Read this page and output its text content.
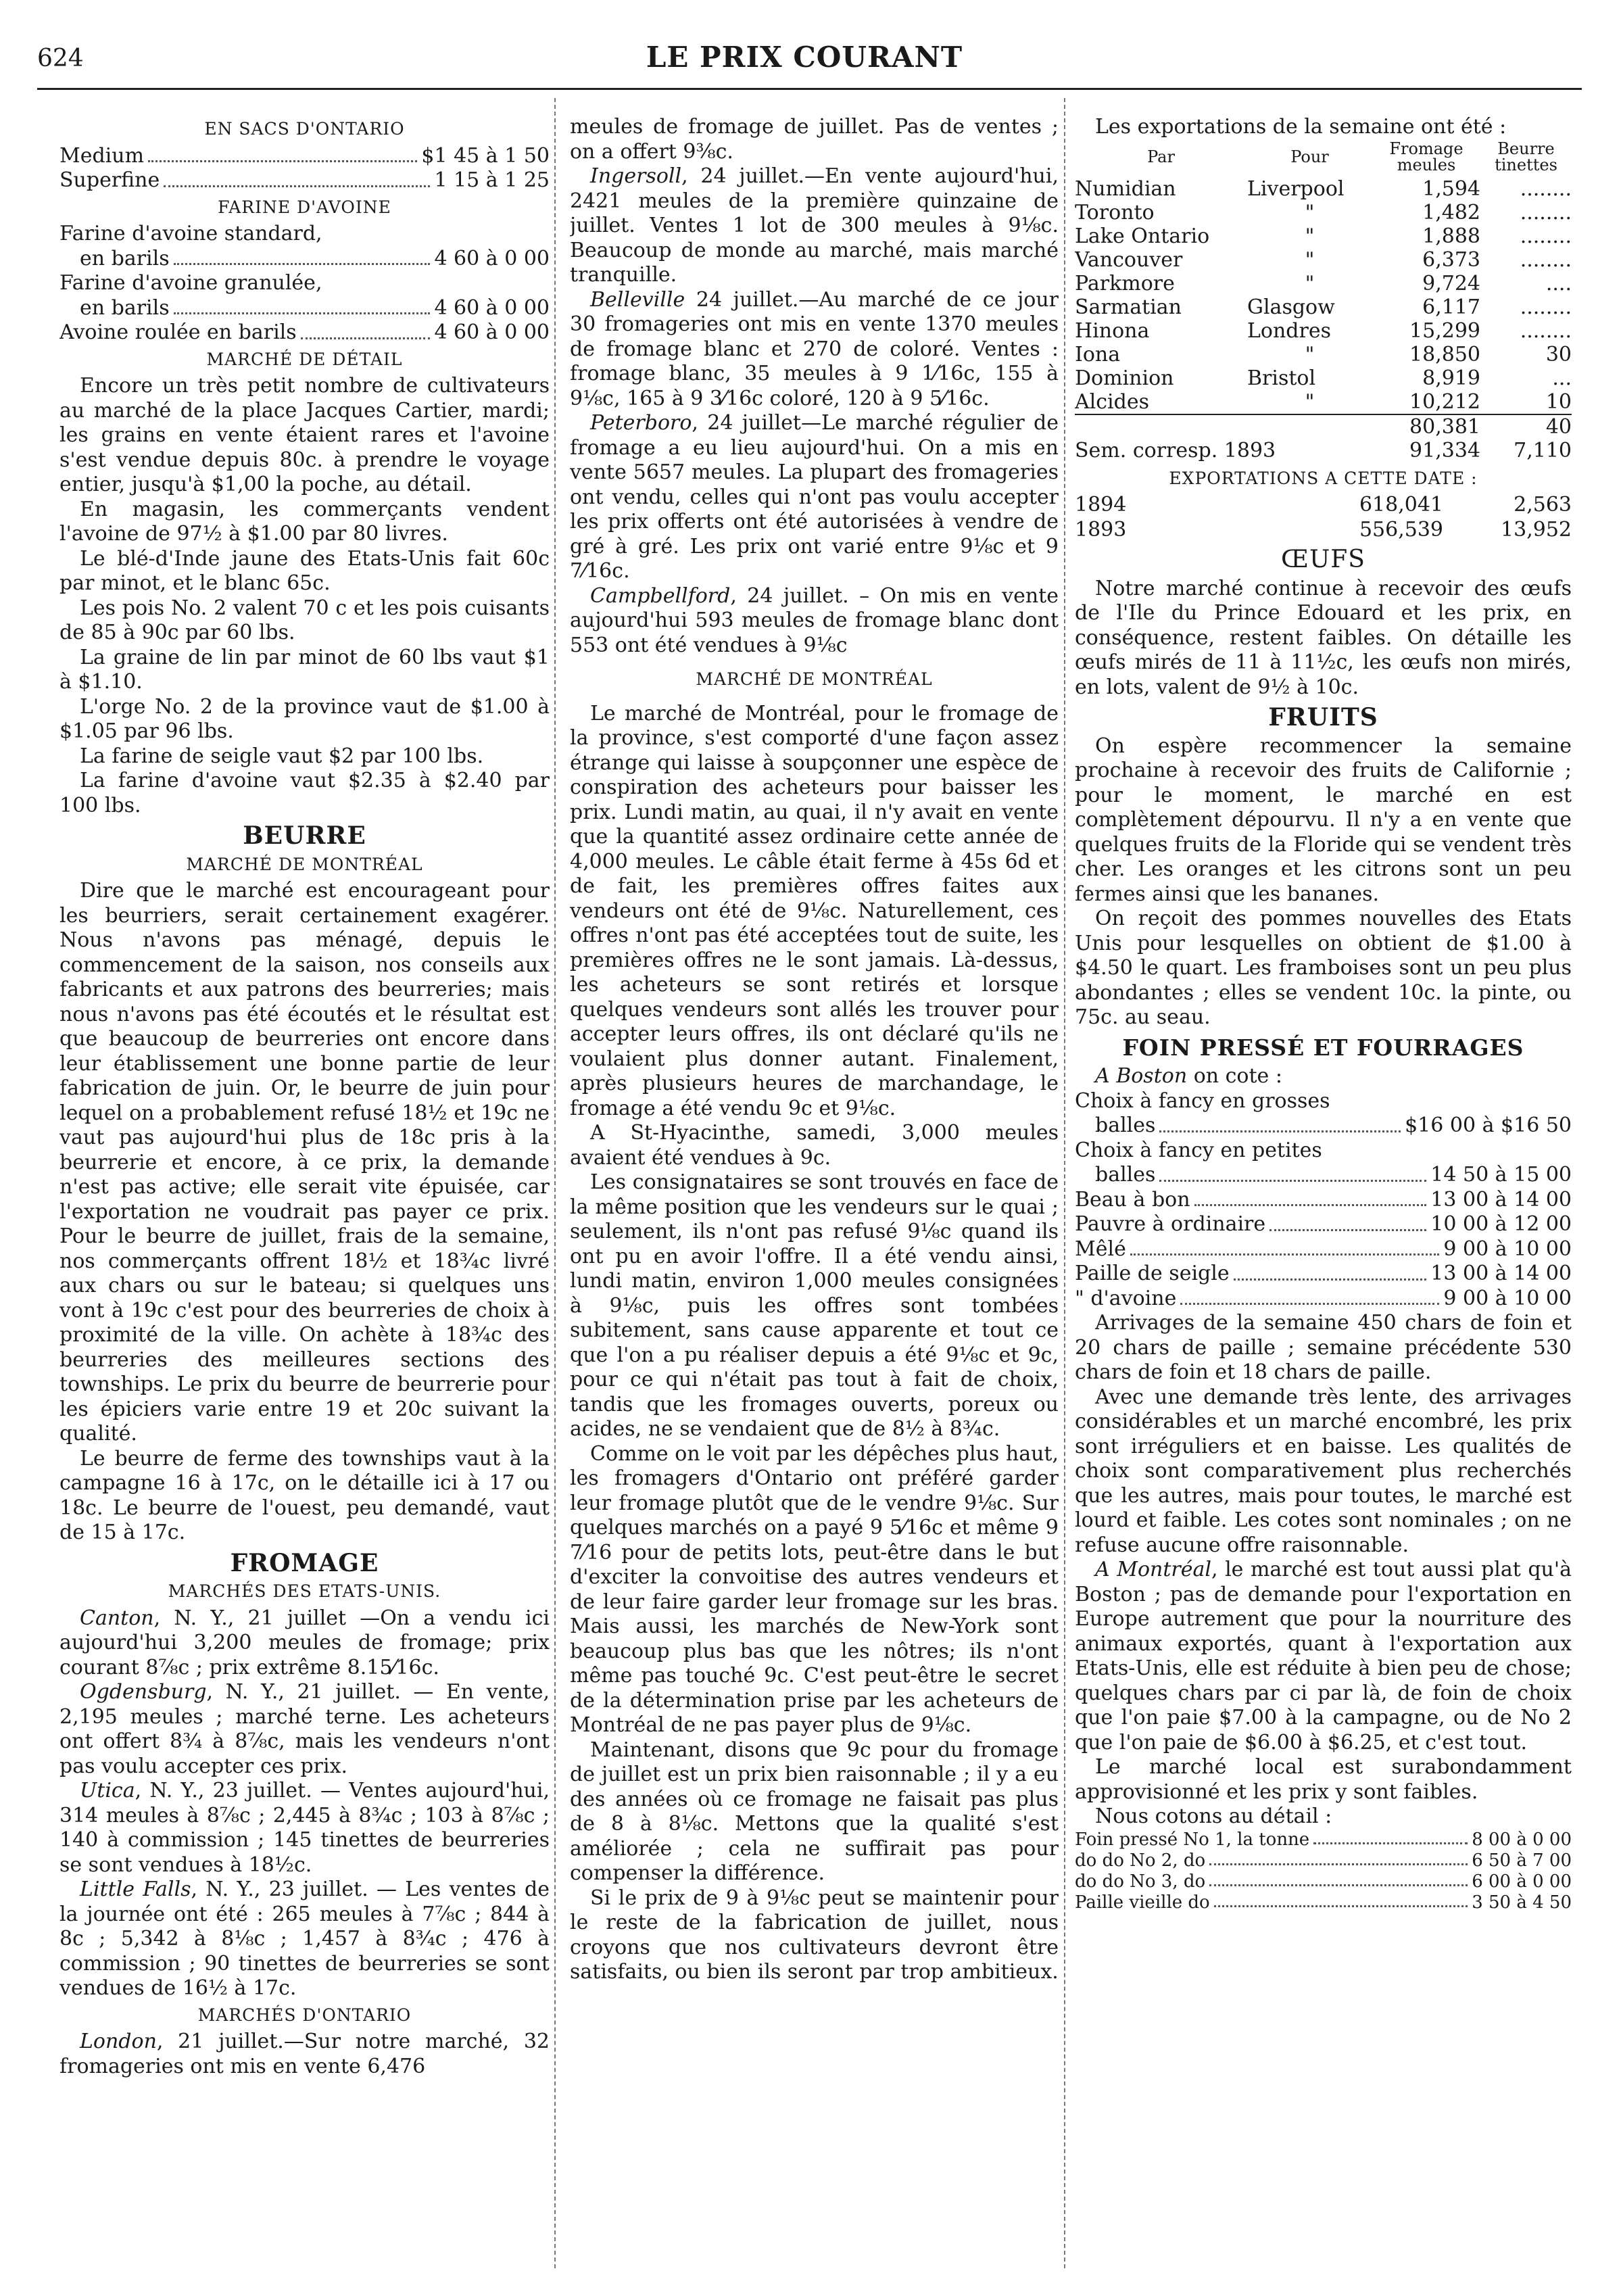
624	LE PRIX COURANT
EN SACS D'ONTARIO
Medium	$1 45 à 1 50
Superfine	1 15 à 1 25
FARINE D'AVOINE
Farine d'avoine standard,
en barils	4 60 à 0 00
Farine d'avoine granulée,
en barils	4 60 à 0 00
Avoine roulée en barils	4 60 à 0 00
MARCHÉ DE DÉTAIL

Encore un très petit nombre de cultivateurs au marché de la place Jacques Cartier, mardi; les grains en vente étaient rares et l'avoine s'est vendue depuis 80c. à prendre le voyage entier, jusqu'à $1,00 la poche, au détail.

En magasin, les commerçants vendent l'avoine de 97½ à $1.00 par 80 livres.

Le blé-d'Inde jaune des Etats-Unis fait 60c par minot, et le blanc 65c.

Les pois No. 2 valent 70 c et les pois cuisants de 85 à 90c par 60 lbs.

La graine de lin par minot de 60 lbs vaut $1 à $1.10.

L'orge No. 2 de la province vaut de $1.00 à $1.05 par 96 lbs.

La farine de seigle vaut $2 par 100 lbs.

La farine d'avoine vaut $2.35 à $2.40 par 100 lbs.

BEURRE
MARCHÉ DE MONTRÉAL

Dire que le marché est encourageant pour les beurriers, serait certainement exagérer. Nous n'avons pas ménagé, depuis le commencement de la saison, nos conseils aux fabricants et aux patrons des beurreries; mais nous n'avons pas été écoutés et le résultat est que beaucoup de beurreries ont encore dans leur établissement une bonne partie de leur fabrication de juin. Or, le beurre de juin pour lequel on a probablement refusé 18½ et 19c ne vaut pas aujourd'hui plus de 18c pris à la beurrerie et encore, à ce prix, la demande n'est pas active; elle serait vite épuisée, car l'exportation ne voudrait pas payer ce prix. Pour le beurre de juillet, frais de la semaine, nos commerçants offrent 18½ et 18¾c livré aux chars ou sur le bateau; si quelques uns vont à 19c c'est pour des beurreries de choix à proximité de la ville. On achète à 18¾c des beurreries des meilleures sections des townships. Le prix du beurre de beurrerie pour les épiciers varie entre 19 et 20c suivant la qualité.

Le beurre de ferme des townships vaut à la campagne 16 à 17c, on le détaille ici à 17 ou 18c. Le beurre de l'ouest, peu demandé, vaut de 15 à 17c.

FROMAGE
MARCHÉS DES ETATS-UNIS.

Canton, N. Y., 21 juillet —On a vendu ici aujourd'hui 3,200 meules de fromage; prix courant 8⅞c ; prix extrême 8.15⁄16c.

Ogdensburg, N. Y., 21 juillet. — En vente, 2,195 meules ; marché terne. Les acheteurs ont offert 8¾ à 8⅞c, mais les vendeurs n'ont pas voulu accepter ces prix.

Utica, N. Y., 23 juillet. — Ventes aujourd'hui, 314 meules à 8⅞c ; 2,445 à 8¾c ; 103 à 8⅞c ; 140 à commission ; 145 tinettes de beurreries se sont vendues à 18½c.

Little Falls, N. Y., 23 juillet. — Les ventes de la journée ont été : 265 meules à 7⅞c ; 844 à 8c ; 5,342 à 8⅛c ; 1,457 à 8¾c ; 476 à commission ; 90 tinettes de beurreries se sont vendues de 16½ à 17c.

MARCHÉS D'ONTARIO

London, 21 juillet.—Sur notre marché, 32 fromageries ont mis en vente 6,476

meules de fromage de juillet. Pas de ventes ; on a offert 9⅜c.

Ingersoll, 24 juillet.—En vente aujourd'hui, 2421 meules de la première quinzaine de juillet. Ventes 1 lot de 300 meules à 9⅛c. Beaucoup de monde au marché, mais marché tranquille.

Belleville 24 juillet.—Au marché de ce jour 30 fromageries ont mis en vente 1370 meules de fromage blanc et 270 de coloré. Ventes : fromage blanc, 35 meules à 9 1⁄16c, 155 à 9⅛c, 165 à 9 3⁄16c coloré, 120 à 9 5⁄16c.

Peterboro, 24 juillet—Le marché régulier de fromage a eu lieu aujourd'hui. On a mis en vente 5657 meules. La plupart des fromageries ont vendu, celles qui n'ont pas voulu accepter les prix offerts ont été autorisées à vendre de gré à gré. Les prix ont varié entre 9⅛c et 9 7⁄16c.

Campbellford, 24 juillet. – On mis en vente aujourd'hui 593 meules de fromage blanc dont 553 ont été vendues à 9⅛c

MARCHÉ DE MONTRÉAL

Le marché de Montréal, pour le fromage de la province, s'est comporté d'une façon assez étrange qui laisse à soupçonner une espèce de conspiration des acheteurs pour baisser les prix. Lundi matin, au quai, il n'y avait en vente que la quantité assez ordinaire cette année de 4,000 meules. Le câble était ferme à 45s 6d et de fait, les premières offres faites aux vendeurs ont été de 9⅛c. Naturellement, ces offres n'ont pas été acceptées tout de suite, les premières offres ne le sont jamais. Là-dessus, les acheteurs se sont retirés et lorsque quelques vendeurs sont allés les trouver pour accepter leurs offres, ils ont déclaré qu'ils ne voulaient plus donner autant. Finalement, après plusieurs heures de marchandage, le fromage a été vendu 9c et 9⅛c.

A St-Hyacinthe, samedi, 3,000 meules avaient été vendues à 9c.

Les consignataires se sont trouvés en face de la même position que les vendeurs sur le quai ; seulement, ils n'ont pas refusé 9⅛c quand ils ont pu en avoir l'offre. Il a été vendu ainsi, lundi matin, environ 1,000 meules consignées à 9⅛c, puis les offres sont tombées subitement, sans cause apparente et tout ce que l'on a pu réaliser depuis a été 9⅛c et 9c, pour ce qui n'était pas tout à fait de choix, tandis que les fromages ouverts, poreux ou acides, ne se vendaient que de 8½ à 8¾c.

Comme on le voit par les dépêches plus haut, les fromagers d'Ontario ont préféré garder leur fromage plutôt que de le vendre 9⅛c. Sur quelques marchés on a payé 9 5⁄16c et même 9 7⁄16 pour de petits lots, peut-être dans le but d'exciter la convoitise des autres vendeurs et de leur faire garder leur fromage sur les bras. Mais aussi, les marchés de New-York sont beaucoup plus bas que les nôtres; ils n'ont même pas touché 9c. C'est peut-être le secret de la détermination prise par les acheteurs de Montréal de ne pas payer plus de 9⅛c.

Maintenant, disons que 9c pour du fromage de juillet est un prix bien raisonnable ; il y a eu des années où ce fromage ne faisait pas plus de 8 à 8⅛c. Mettons que la qualité s'est améliorée ; cela ne suffirait pas pour compenser la différence.

Si le prix de 9 à 9⅛c peut se maintenir pour le reste de la fabrication de juillet, nous croyons que nos cultivateurs devront être satisfaits, ou bien ils seront par trop ambitieux.

Les exportations de la semaine ont été :

Par	Pour	Fromage meules	Beurre tinettes
Numidian	Liverpool	1,594	........
Toronto	"	1,482	........
Lake Ontario	"	1,888	........
Vancouver	"	6,373	........
Parkmore	"	9,724	....
Sarmatian	Glasgow	6,117	........
Hinona	Londres	15,299	........
Iona	"	18,850	30
Dominion	Bristol	8,919	...
Alcides	"	10,212	10
		80,381	40
Sem. corresp. 1893		91,334	7,110
EXPORTATIONS A CETTE DATE :
1894	618,041	2,563
1893	556,539	13,952
ŒUFS

Notre marché continue à recevoir des œufs de l'Ile du Prince Edouard et les prix, en conséquence, restent faibles. On détaille les œufs mirés de 11 à 11½c, les œufs non mirés, en lots, valent de 9½ à 10c.

FRUITS

On espère recommencer la semaine prochaine à recevoir des fruits de Californie ; pour le moment, le marché en est complètement dépourvu. Il n'y a en vente que quelques fruits de la Floride qui se vendent très cher. Les oranges et les citrons sont un peu fermes ainsi que les bananes.

On reçoit des pommes nouvelles des Etats Unis pour lesquelles on obtient de $1.00 à $4.50 le quart. Les framboises sont un peu plus abondantes ; elles se vendent 10c. la pinte, ou 75c. au seau.

FOIN PRESSÉ ET FOURRAGES

A Boston on cote :

Choix à fancy en grosses
balles	$16 00 à $16 50
Choix à fancy en petites
balles	14 50 à 15 00
Beau à bon	13 00 à 14 00
Pauvre à ordinaire	10 00 à 12 00
Mêlé	9 00 à 10 00
Paille de seigle	13 00 à 14 00
" d'avoine	9 00 à 10 00

Arrivages de la semaine 450 chars de foin et 20 chars de paille ; semaine précédente 530 chars de foin et 18 chars de paille.

Avec une demande très lente, des arrivages considérables et un marché encombré, les prix sont irréguliers et en baisse. Les qualités de choix sont comparativement plus recherchés que les autres, mais pour toutes, le marché est lourd et faible. Les cotes sont nominales ; on ne refuse aucune offre raisonnable.

A Montréal, le marché est tout aussi plat qu'à Boston ; pas de demande pour l'exportation en Europe autrement que pour la nourriture des animaux exportés, quant à l'exportation aux Etats-Unis, elle est réduite à bien peu de chose; quelques chars par ci par là, de foin de choix que l'on paie $7.00 à la campagne, ou de No 2 que l'on paie de $6.00 à $6.25, et c'est tout.

Le marché local est surabondamment approvisionné et les prix y sont faibles.

Nous cotons au détail :

Foin pressé No 1, la tonne	8 00 à 0 00
do do No 2, do	6 50 à 7 00
do do No 3, do	6 00 à 0 00
Paille vieille do	3 50 à 4 50
